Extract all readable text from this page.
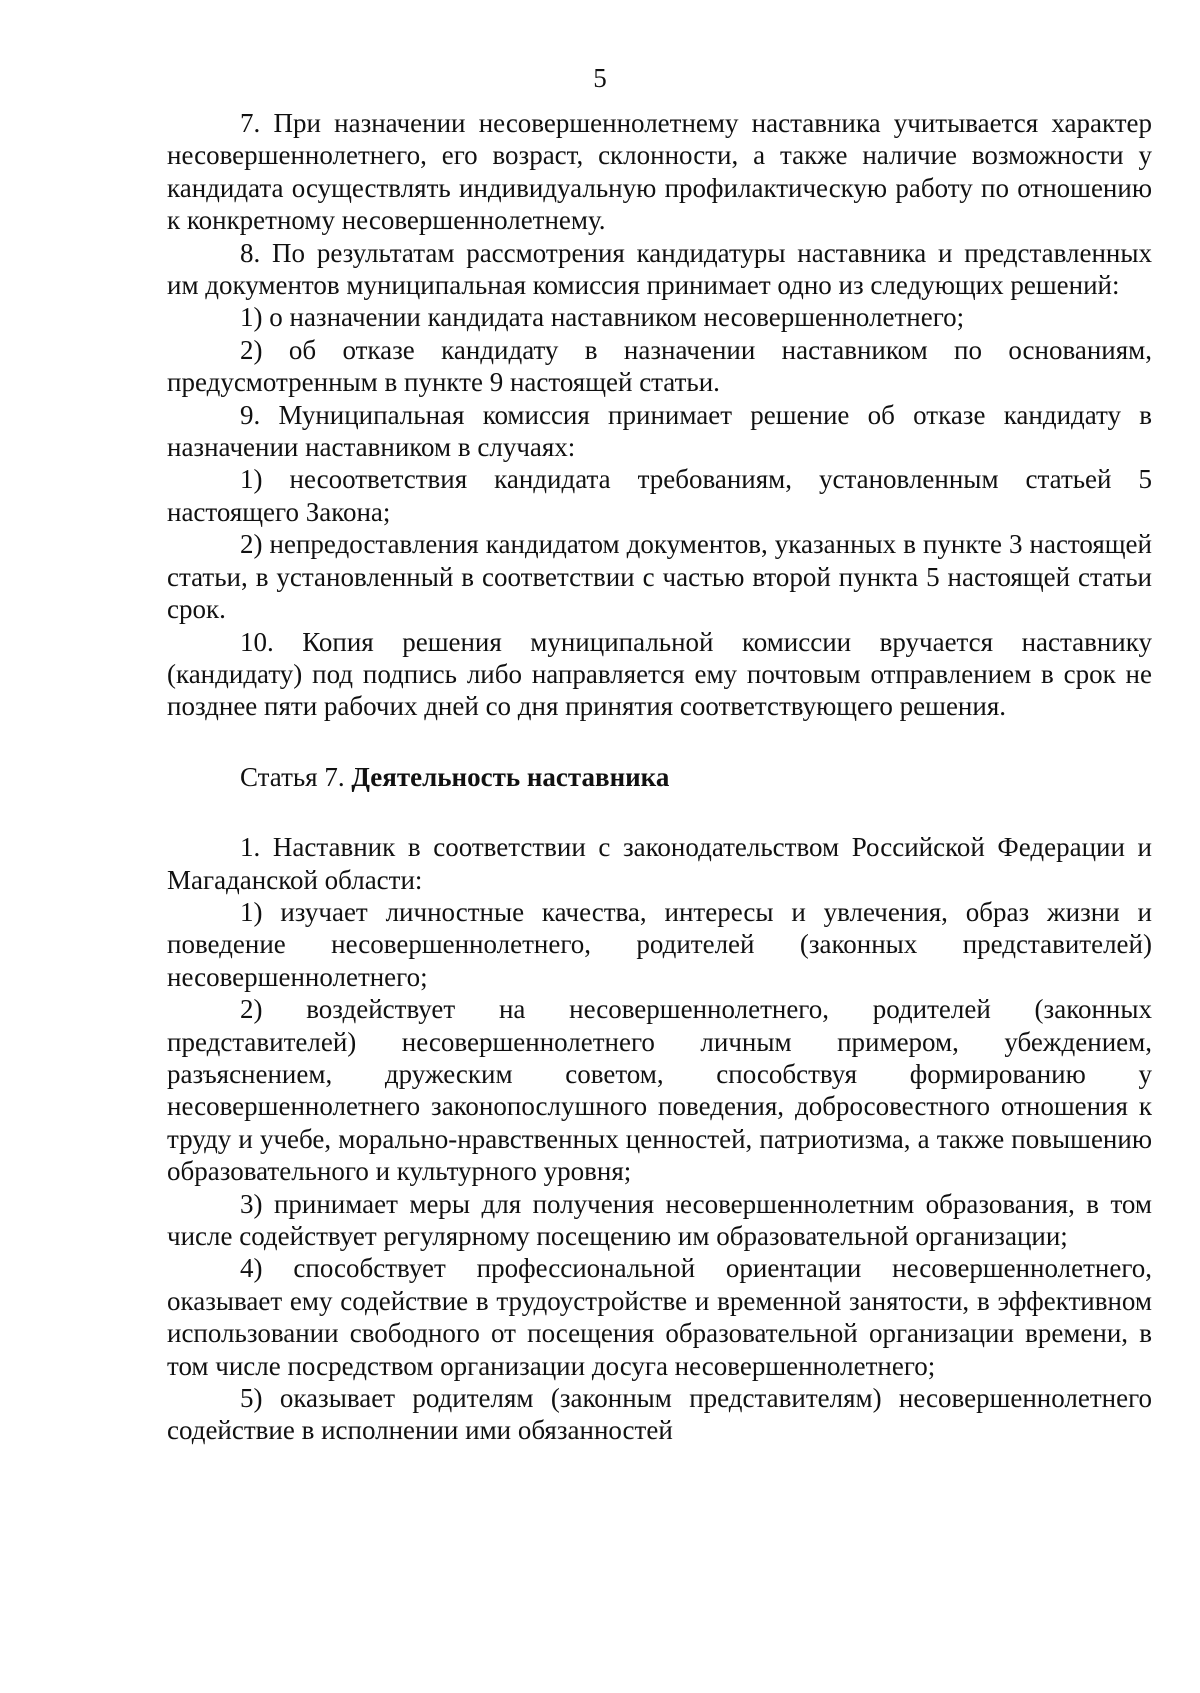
5

7. При назначении несовершеннолетнему наставника учитывается характер несовершеннолетнего, его возраст, склонности, а также наличие возможности у кандидата осуществлять индивидуальную профилактическую работу по отношению к конкретному несовершеннолетнему.

8. По результатам рассмотрения кандидатуры наставника и представленных им документов муниципальная комиссия принимает одно из следующих решений:

1) о назначении кандидата наставником несовершеннолетнего;

2) об отказе кандидату в назначении наставником по основаниям, предусмотренным в пункте 9 настоящей статьи.

9. Муниципальная комиссия принимает решение об отказе кандидату в назначении наставником в случаях:

1) несоответствия кандидата требованиям, установленным статьей 5 настоящего Закона;

2) непредоставления кандидатом документов, указанных в пункте 3 настоящей статьи, в установленный в соответствии с частью второй пункта 5 настоящей статьи срок.

10. Копия решения муниципальной комиссии вручается наставнику (кандидату) под подпись либо направляется ему почтовым отправлением в срок не позднее пяти рабочих дней со дня принятия соответствующего решения.

Статья 7. Деятельность наставника

1. Наставник в соответствии с законодательством Российской Федерации и Магаданской области:

1) изучает личностные качества, интересы и увлечения, образ жизни и поведение несовершеннолетнего, родителей (законных представителей) несовершеннолетнего;

2) воздействует на несовершеннолетнего, родителей (законных представителей) несовершеннолетнего личным примером, убеждением, разъяснением, дружеским советом, способствуя формированию у несовершеннолетнего законопослушного поведения, добросовестного отношения к труду и учебе, морально-нравственных ценностей, патриотизма, а также повышению образовательного и культурного уровня;

3) принимает меры для получения несовершеннолетним образования, в том числе содействует регулярному посещению им образовательной организации;

4) способствует профессиональной ориентации несовершеннолетнего, оказывает ему содействие в трудоустройстве и временной занятости, в эффективном использовании свободного от посещения образовательной организации времени, в том числе посредством организации досуга несовершеннолетнего;

5) оказывает родителям (законным представителям) несовершеннолетнего содействие в исполнении ими обязанностей
